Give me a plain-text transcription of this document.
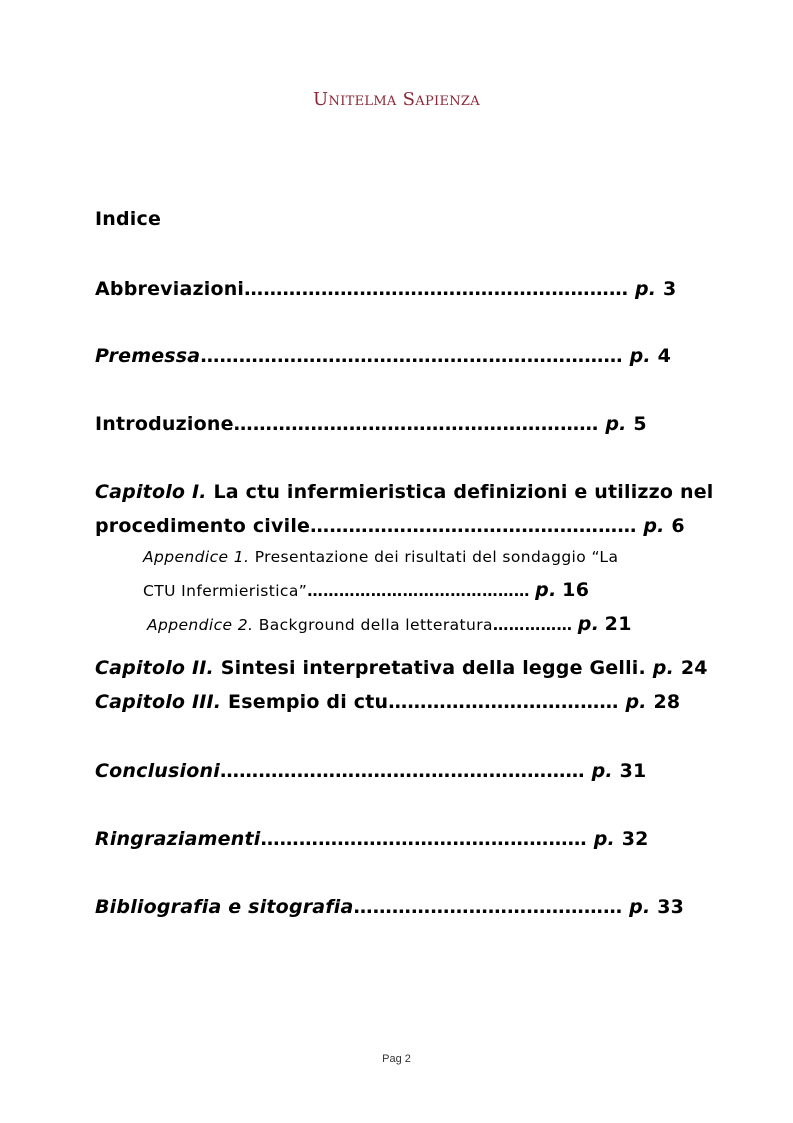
Unitelma Sapienza
Indice
Abbreviazioni…………………………………………………… p. 3
Premessa………………………………………………………… p. 4
Introduzione………………………………………………… p. 5
Capitolo I. La ctu infermieristica definizioni e utilizzo nel
procedimento civile…………………………………………… p. 6
Appendice 1. Presentazione dei risultati del sondaggio “La
CTU Infermieristica”…………………………………… p. 16
Appendice 2. Background della letteratura…………… p. 21
Capitolo II. Sintesi interpretativa della legge Gelli. p. 24
Capitolo III. Esempio di ctu……………………………… p. 28
Conclusioni………………………………………………… p. 31
Ringraziamenti…………………………………………… p. 32
Bibliografia e sitografia…………………………………… p. 33
Pag 2
